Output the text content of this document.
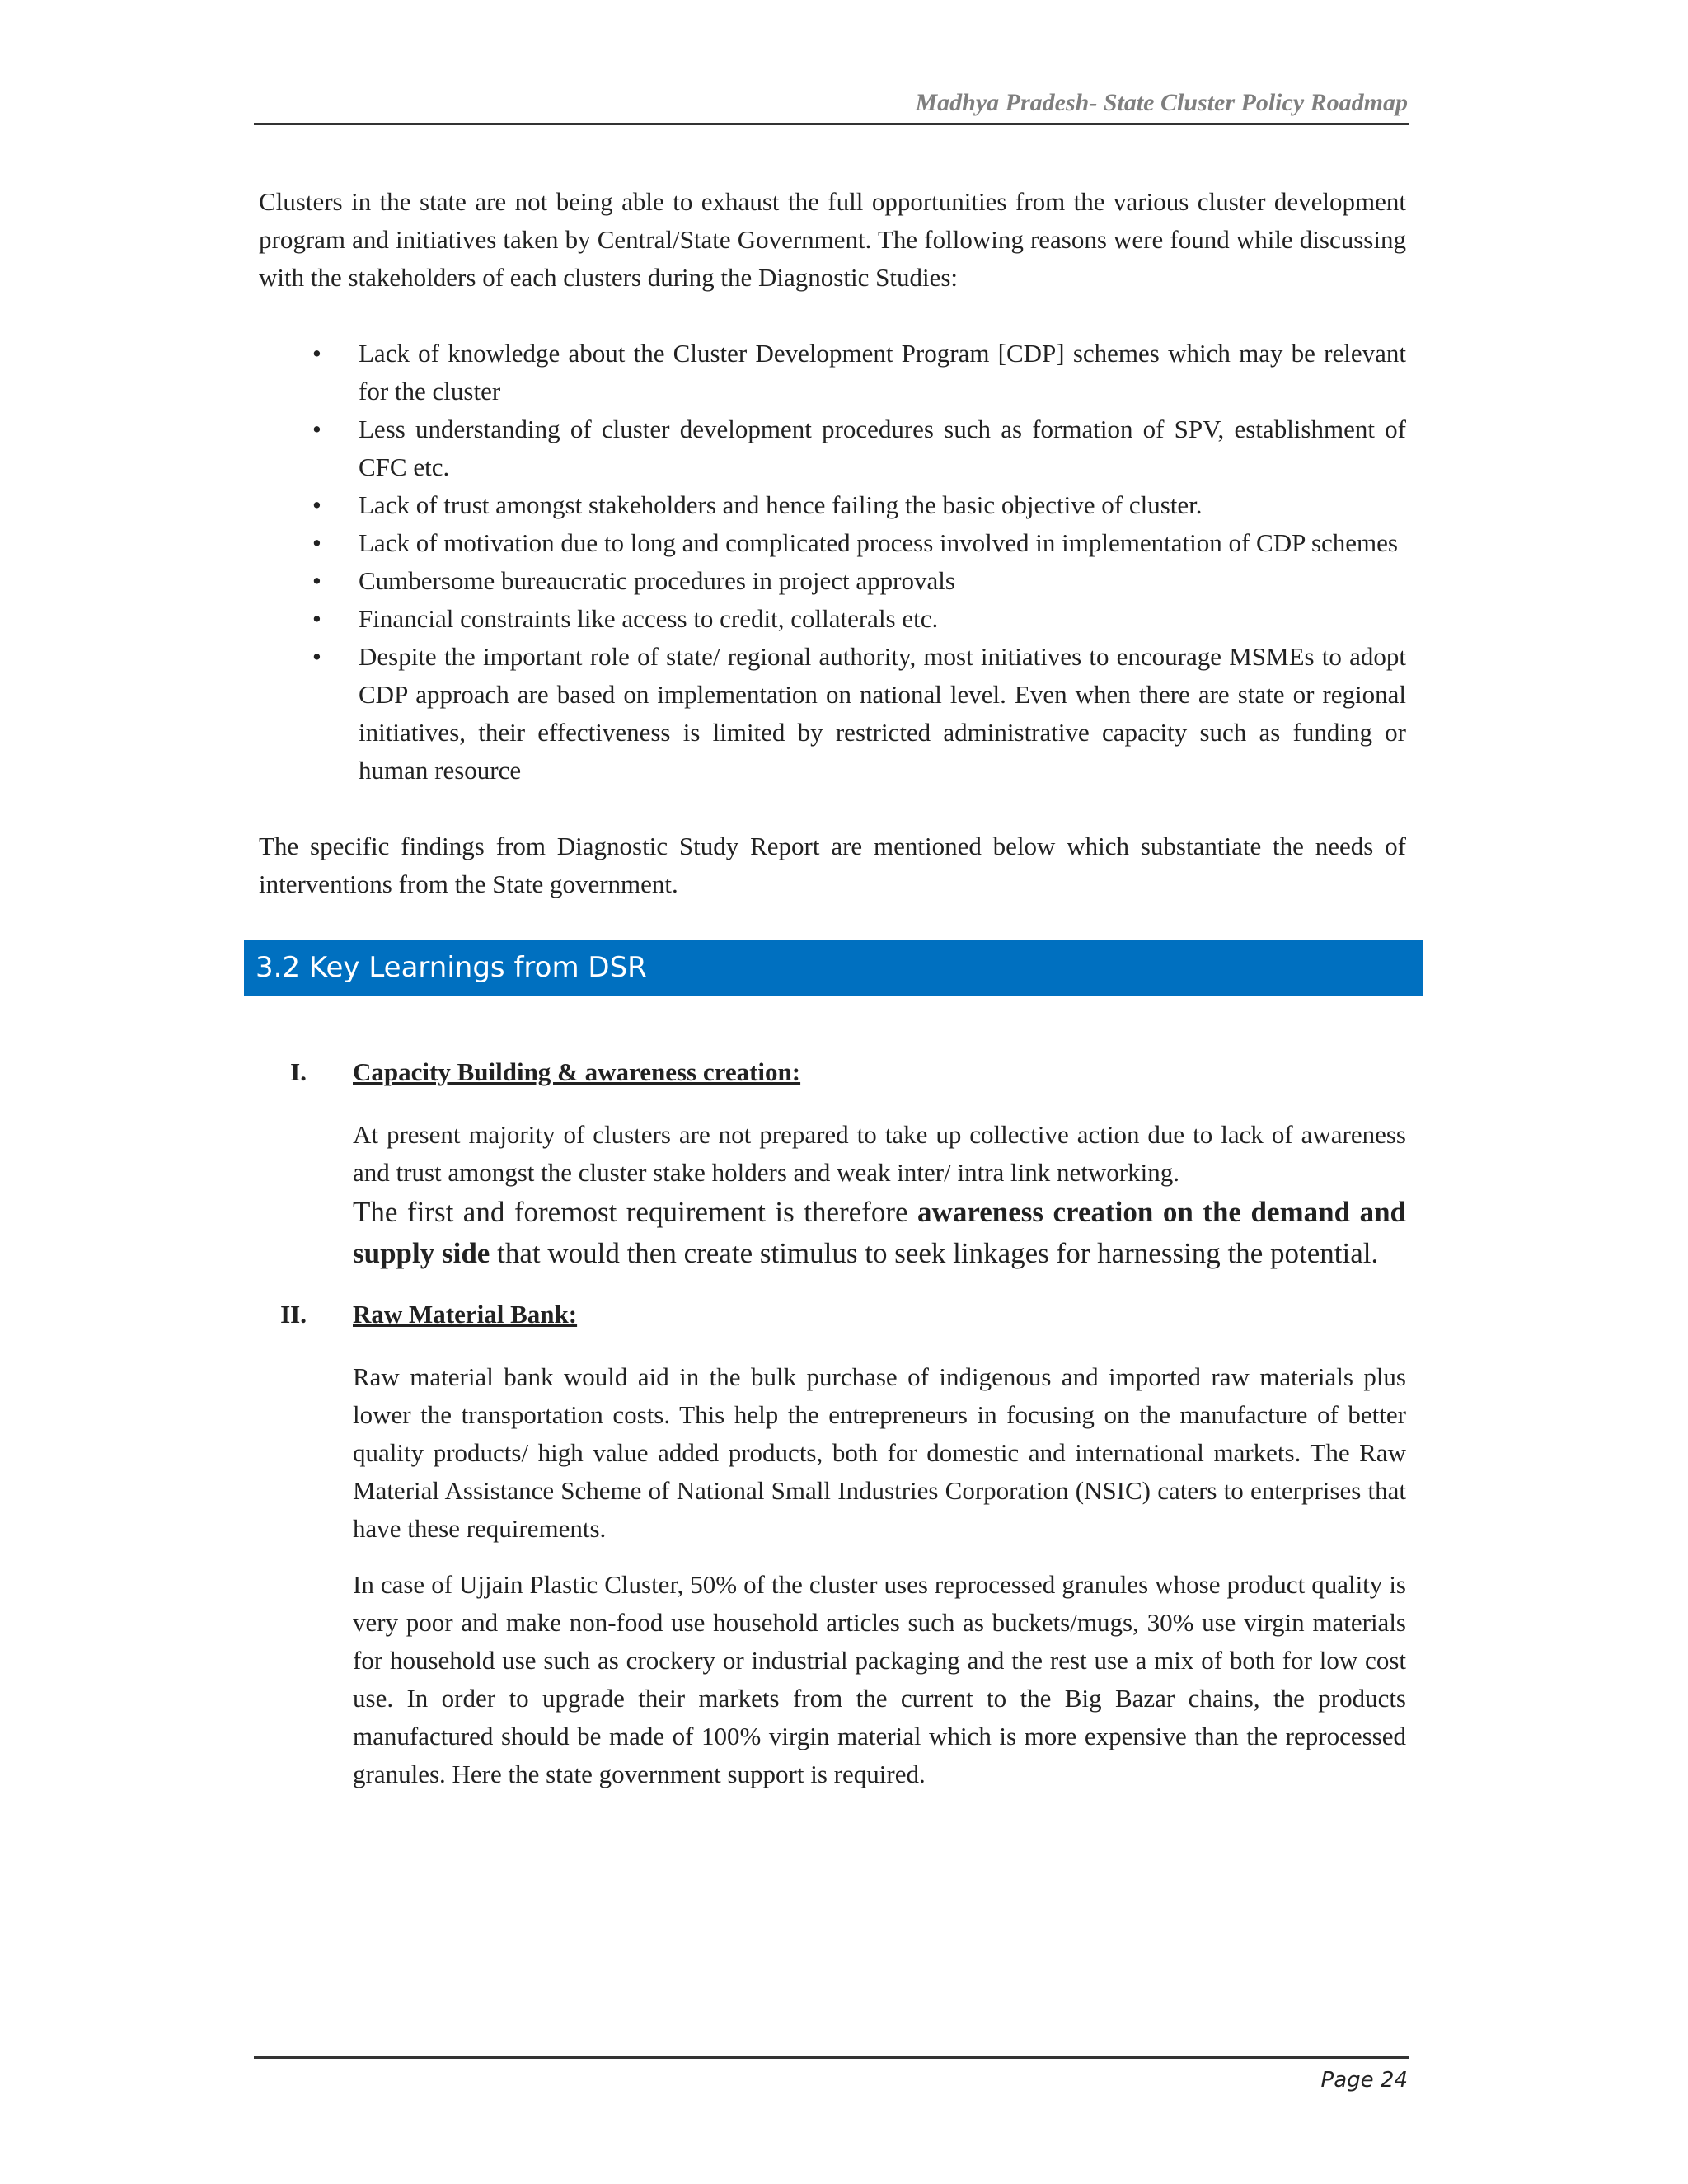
Madhya Pradesh- State Cluster Policy Roadmap

Clusters in the state are not being able to exhaust the full opportunities from the various cluster development program and initiatives taken by Central/State Government. The following reasons were found while discussing with the stakeholders of each clusters during the Diagnostic Studies:

• Lack of knowledge about the Cluster Development Program [CDP] schemes which may be relevant for the cluster
• Less understanding of cluster development procedures such as formation of SPV, establishment of CFC etc.
• Lack of trust amongst stakeholders and hence failing the basic objective of cluster.
• Lack of motivation due to long and complicated process involved in implementation of CDP schemes
• Cumbersome bureaucratic procedures in project approvals
• Financial constraints like access to credit, collaterals etc.
• Despite the important role of state/ regional authority, most initiatives to encourage MSMEs to adopt CDP approach are based on implementation on national level. Even when there are state or regional initiatives, their effectiveness is limited by restricted administrative capacity such as funding or human resource

The specific findings from Diagnostic Study Report are mentioned below which substantiate the needs of interventions from the State government.

3.2 Key Learnings from DSR
I. Capacity Building & awareness creation:

At present majority of clusters are not prepared to take up collective action due to lack of awareness and trust amongst the cluster stake holders and weak inter/ intra link networking.

The first and foremost requirement is therefore awareness creation on the demand and supply side that would then create stimulus to seek linkages for harnessing the potential.

II. Raw Material Bank:

Raw material bank would aid in the bulk purchase of indigenous and imported raw materials plus lower the transportation costs. This help the entrepreneurs in focusing on the manufacture of better quality products/ high value added products, both for domestic and international markets. The Raw Material Assistance Scheme of National Small Industries Corporation (NSIC) caters to enterprises that have these requirements.

In case of Ujjain Plastic Cluster, 50% of the cluster uses reprocessed granules whose product quality is very poor and make non-food use household articles such as buckets/mugs, 30% use virgin materials for household use such as crockery or industrial packaging and the rest use a mix of both for low cost use. In order to upgrade their markets from the current to the Big Bazar chains, the products manufactured should be made of 100% virgin material which is more expensive than the reprocessed granules. Here the state government support is required.

Page 24
